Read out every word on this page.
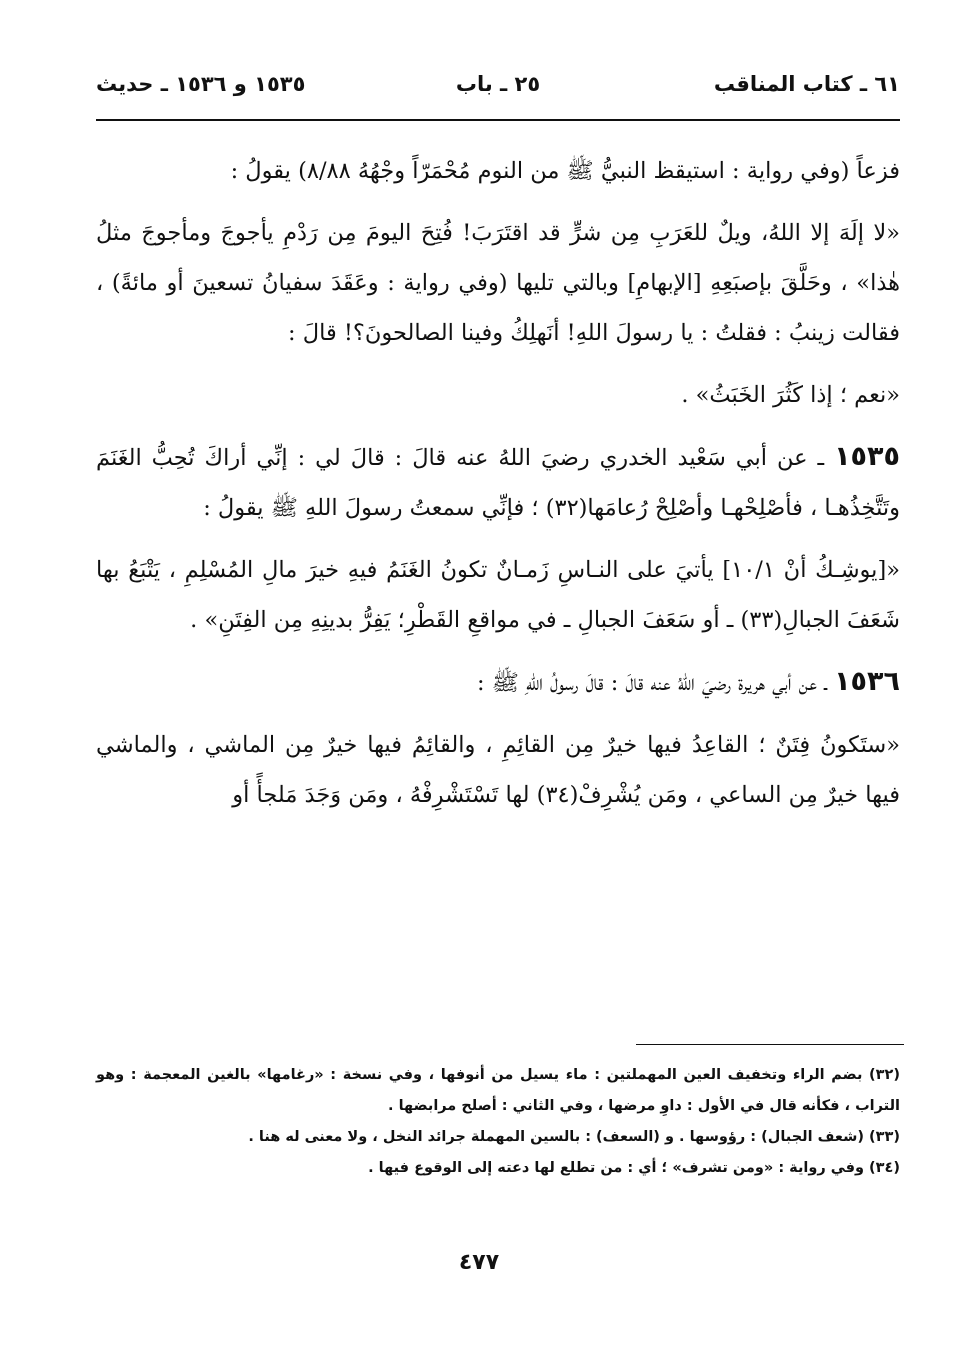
٦١ ـ كتاب المناقب
٢٥ ـ باب
١٥٣٥ و ١٥٣٦ ـ حديث

فزعاً (وفي رواية : استيقظ النبيُّ ﷺ من النوم مُحْمَرّاً وجْهُهُ ٨/٨٨) يقولُ :

«لا إلَهَ إلا اللهُ، ويلٌ للعَرَبِ مِن شرٍّ قد اقتَرَبَ! فُتِحَ اليومَ مِن رَدْمِ يأجوجَ ومأجوجَ مثلُ هٰذا» ، وحَلَّقَ بإصبَعِهِ [الإبهامِ] وبالتي تليها (وفي رواية : وعَقَدَ سفيانُ تسعينَ أو مائةً) ، فقالت زينبُ : فقلتُ : يا رسولَ اللهِ! أنَهلِكُ وفينا الصالحونَ؟! قالَ :

«نعم ؛ إذا كَثُرَ الخَبَثُ» .

١٥٣٥ ـ عن أبي سَعْيد الخدري رضيَ اللهُ عنه قالَ : قالَ لي : إنِّي أراكَ تُحِبُّ الغَنَمَ وتَتَّخِذُهـا ، فأصْلِحْهـا وأصْلِحْ رُعامَها(٣٢) ؛ فإنِّي سمعتُ رسولَ اللهِ ﷺ يقولُ :

«[يوشِـكُ أنْ ١٠/١] يأتيَ على النـاسِ زَمـانٌ تكونُ الغَنَمُ فيهِ خيرَ مالِ المُسْلِمِ ، يَتْبَعُ بها شَعَفَ الجبالِ(٣٣) ـ أو سَعَفَ الجبالِ ـ في مواقعِ القَطْرِ؛ يَفِرُّ بدينِهِ مِن الفِتَنِ» .

١٥٣٦ ـ عن أبي هريرة رضيَ اللهُ عنه قالَ : قالَ رسولُ اللهِ ﷺ :

«ستَكونُ فِتَنٌ ؛ القاعِدُ فيها خيرٌ مِن القائِمِ ، والقائِمُ فيها خيرٌ مِن الماشي ، والماشي فيها خيرٌ مِن الساعي ، ومَن يُشْرِفْ(٣٤) لها تَسْتَشْرِفْهُ ، ومَن وَجَدَ مَلجأً أو

(٣٢) بضم الراء وتخفيف العين المهملتين : ماء يسيل من أنوفها ، وفي نسخة : «رغامها» بالغين المعجمة : وهو التراب ، فكأنه قال في الأول : داوِ مرضها ، وفي الثاني : أصلح مرابضها .

(٣٣) (شعف الجبال) : رؤوسها . و (السعف) : بالسين المهملة جرائد النخل ، ولا معنى له هنا .

(٣٤) وفي رواية : «ومن تشرف» ؛ أي : من تطلع لها دعته إلى الوقوع فيها .

٤٧٧
